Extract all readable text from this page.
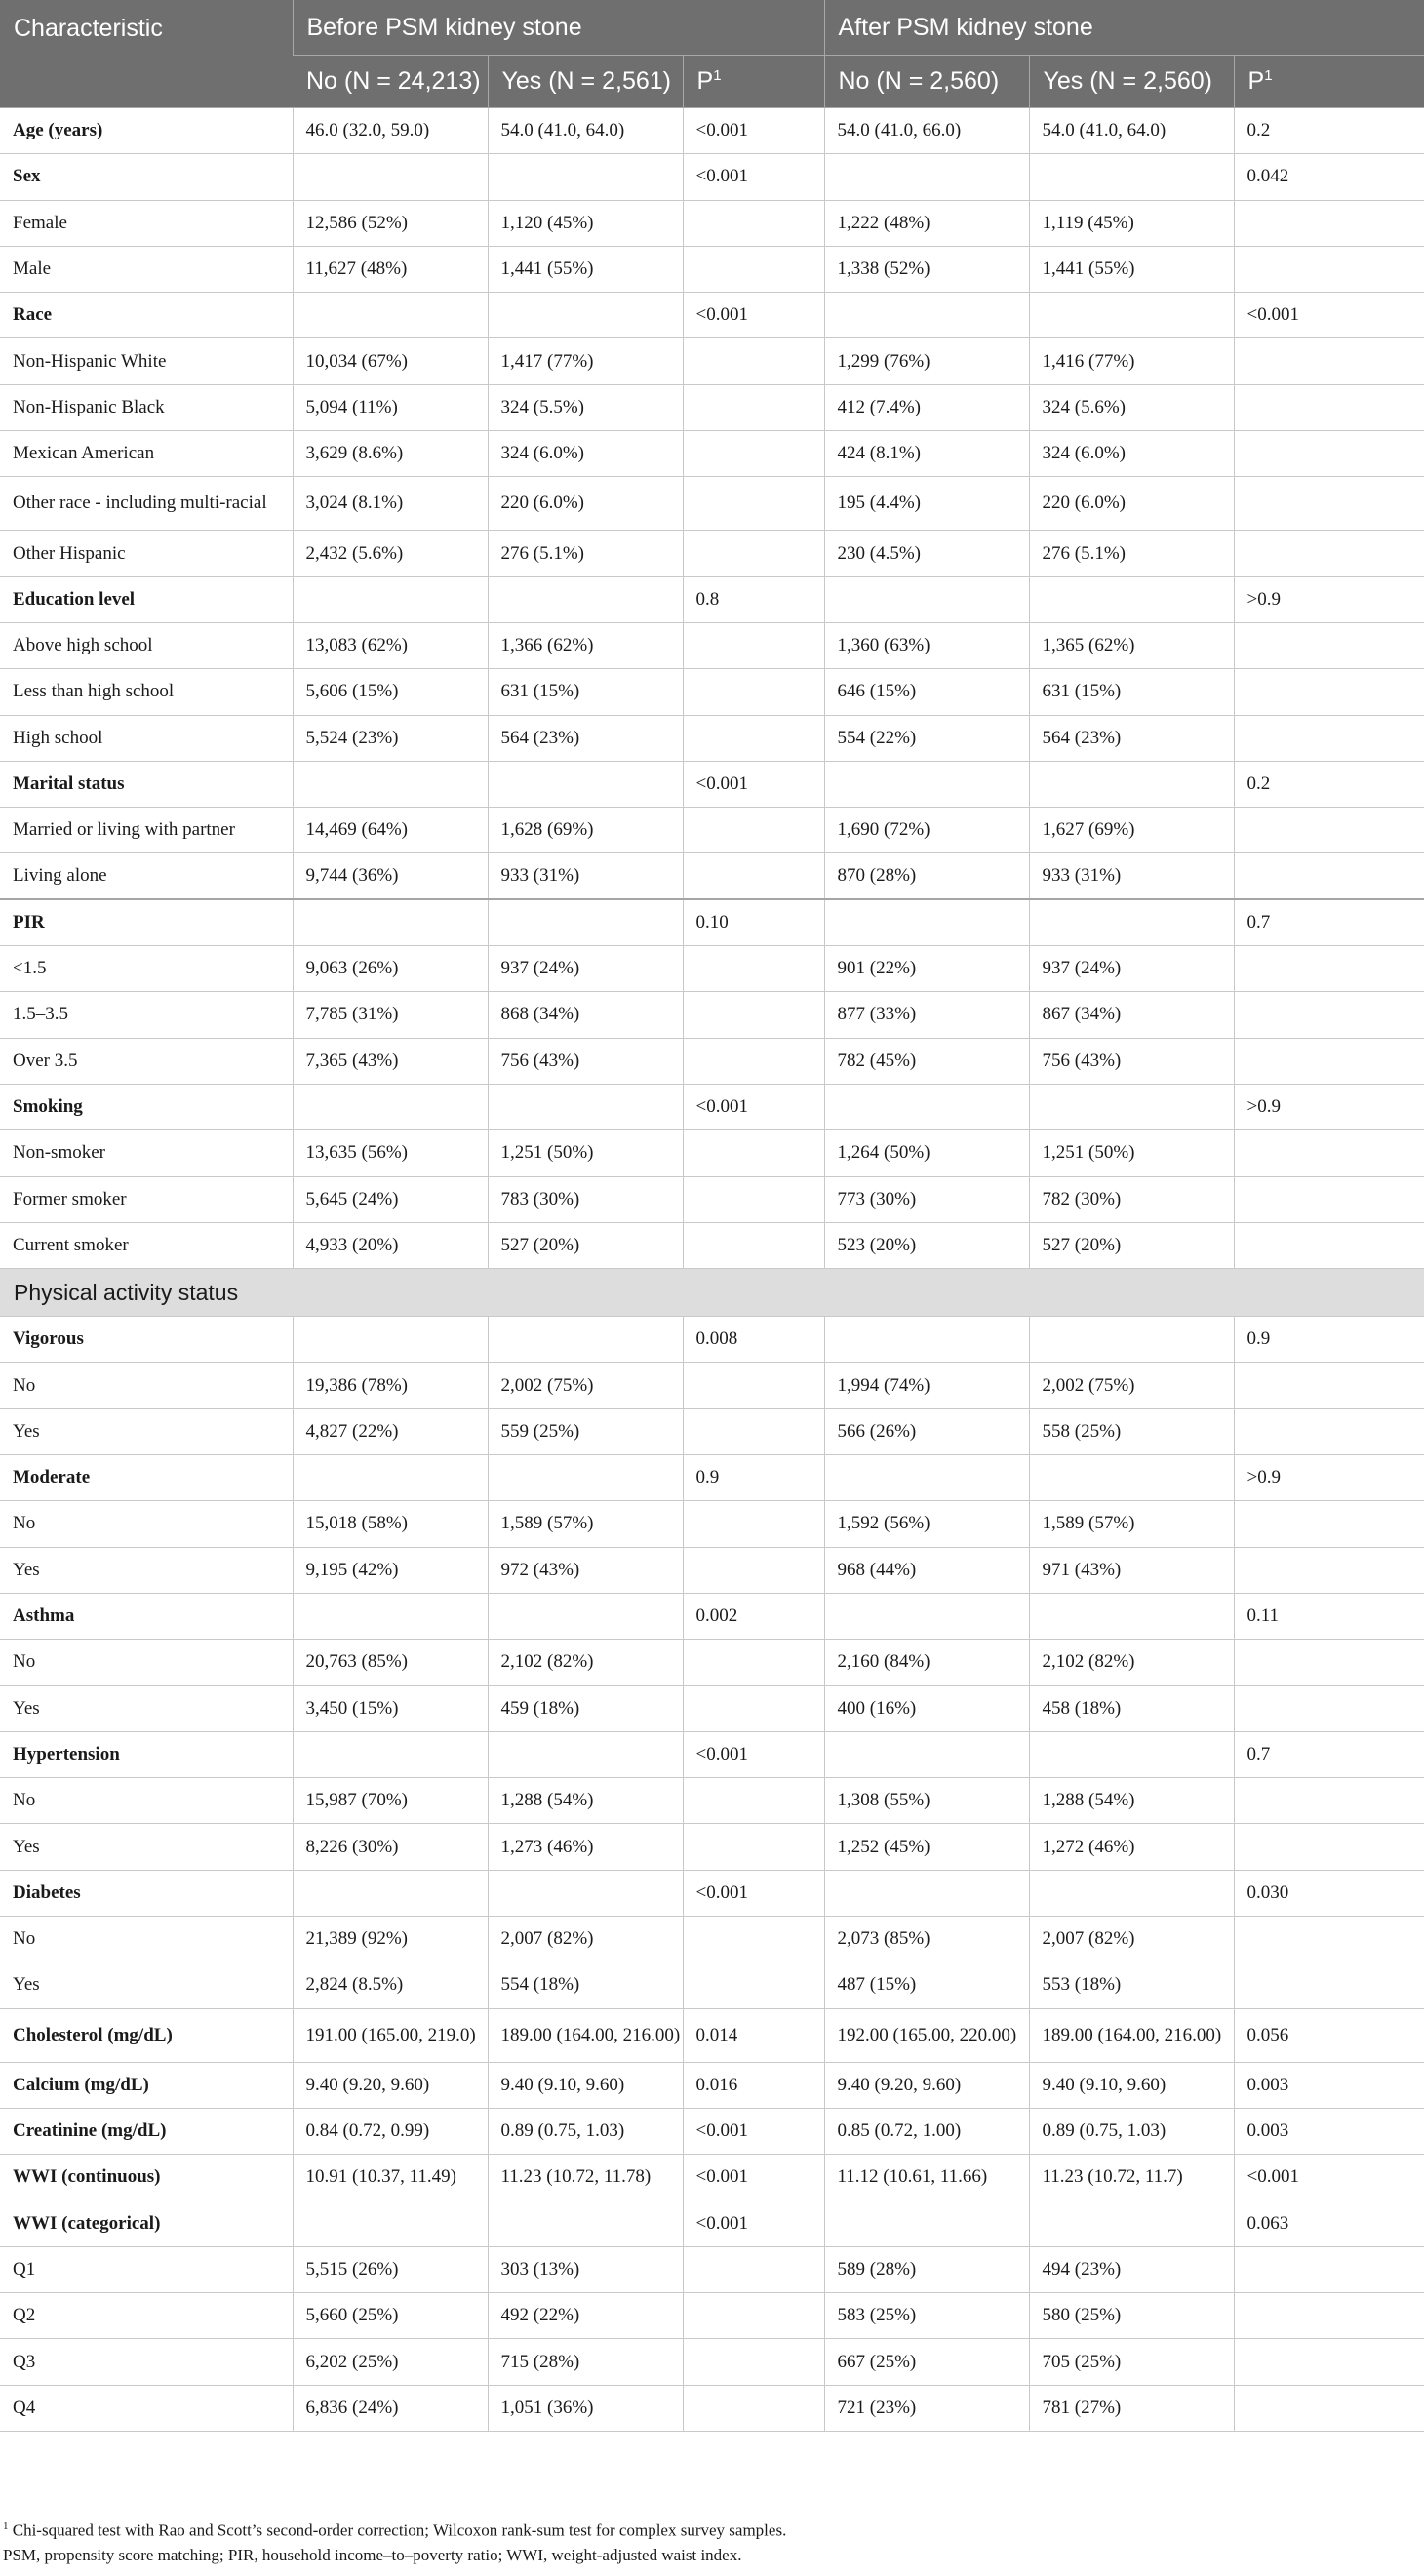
Characteristic	Before PSM kidney stone			After PSM kidney stone		
	No (N = 24,213)	Yes (N = 2,561)	$P^1$	No (N = 2,560)	Yes (N = 2,560)	$P^1$
Age (years)	46.0 (32.0, 59.0)	54.0 (41.0, 64.0)	<0.001	54.0 (41.0, 66.0)	54.0 (41.0, 64.0)	0.2
Sex			<0.001			0.042
Female	12,586 (52%)	1,120 (45%)		1,222 (48%)	1,119 (45%)	
Male	11,627 (48%)	1,441 (55%)		1,338 (52%)	1,441 (55%)	
Race			<0.001			<0.001
Non-Hispanic White	10,034 (67%)	1,417 (77%)		1,299 (76%)	1,416 (77%)	
Non-Hispanic Black	5,094 (11%)	324 (5.5%)		412 (7.4%)	324 (5.6%)	
Mexican American	3,629 (8.6%)	324 (6.0%)		424 (8.1%)	324 (6.0%)	
Other race - including multi-racial	3,024 (8.1%)	220 (6.0%)		195 (4.4%)	220 (6.0%)	
Other Hispanic	2,432 (5.6%)	276 (5.1%)		230 (4.5%)	276 (5.1%)	
Education level			0.8			>0.9
Above high school	13,083 (62%)	1,366 (62%)		1,360 (63%)	1,365 (62%)	
Less than high school	5,606 (15%)	631 (15%)		646 (15%)	631 (15%)	
High school	5,524 (23%)	564 (23%)		554 (22%)	564 (23%)	
Marital status			<0.001			0.2
Married or living with partner	14,469 (64%)	1,628 (69%)		1,690 (72%)	1,627 (69%)	
Living alone	9,744 (36%)	933 (31%)		870 (28%)	933 (31%)	
PIR			0.10			0.7
<1.5	9,063 (26%)	937 (24%)		901 (22%)	937 (24%)	
1.5–3.5	7,785 (31%)	868 (34%)		877 (33%)	867 (34%)	
Over 3.5	7,365 (43%)	756 (43%)		782 (45%)	756 (43%)	
Smoking			<0.001			>0.9
Non-smoker	13,635 (56%)	1,251 (50%)		1,264 (50%)	1,251 (50%)	
Former smoker	5,645 (24%)	783 (30%)		773 (30%)	782 (30%)	
Current smoker	4,933 (20%)	527 (20%)		523 (20%)	527 (20%)	
Physical activity status						
Vigorous			0.008			0.9
No	19,386 (78%)	2,002 (75%)		1,994 (74%)	2,002 (75%)	
Yes	4,827 (22%)	559 (25%)		566 (26%)	558 (25%)	
Moderate			0.9			>0.9
No	15,018 (58%)	1,589 (57%)		1,592 (56%)	1,589 (57%)	
Yes	9,195 (42%)	972 (43%)		968 (44%)	971 (43%)	
Asthma			0.002			0.11
No	20,763 (85%)	2,102 (82%)		2,160 (84%)	2,102 (82%)	
Yes	3,450 (15%)	459 (18%)		400 (16%)	458 (18%)	
Hypertension			<0.001			0.7
No	15,987 (70%)	1,288 (54%)		1,308 (55%)	1,288 (54%)	
Yes	8,226 (30%)	1,273 (46%)		1,252 (45%)	1,272 (46%)	
Diabetes			<0.001			0.030
No	21,389 (92%)	2,007 (82%)		2,073 (85%)	2,007 (82%)	
Yes	2,824 (8.5%)	554 (18%)		487 (15%)	553 (18%)	
Cholesterol (mg/dL)	191.00 (165.00, 219.0)	189.00 (164.00, 216.00)	0.014	192.00 (165.00, 220.00)	189.00 (164.00, 216.00)	0.056
Calcium (mg/dL)	9.40 (9.20, 9.60)	9.40 (9.10, 9.60)	0.016	9.40 (9.20, 9.60)	9.40 (9.10, 9.60)	0.003
Creatinine (mg/dL)	0.84 (0.72, 0.99)	0.89 (0.75, 1.03)	<0.001	0.85 (0.72, 1.00)	0.89 (0.75, 1.03)	0.003
WWI (continuous)	10.91 (10.37, 11.49)	11.23 (10.72, 11.78)	<0.001	11.12 (10.61, 11.66)	11.23 (10.72, 11.7)	<0.001
WWI (categorical)			<0.001			0.063
Q1	5,515 (26%)	303 (13%)		589 (28%)	494 (23%)	
Q2	5,660 (25%)	492 (22%)		583 (25%)	580 (25%)	
Q3	6,202 (25%)	715 (28%)		667 (25%)	705 (25%)	
Q4	6,836 (24%)	1,051 (36%)		721 (23%)	781 (27%)	
$^1$ Chi-squared test with Rao and Scott’s second-order correction; Wilcoxon rank-sum test for complex survey samples.
PSM, propensity score matching; PIR, household income–to–poverty ratio; WWI, weight-adjusted waist index.
